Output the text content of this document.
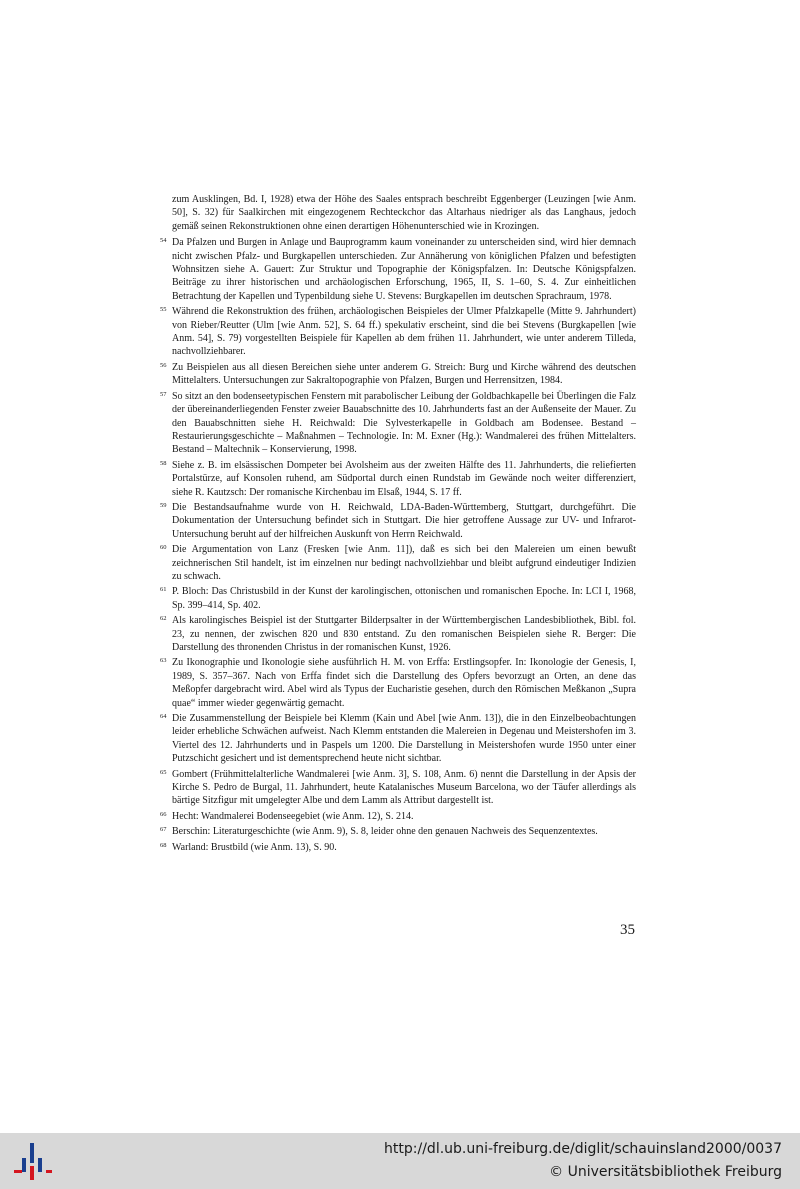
zum Ausklingen, Bd. I, 1928) etwa der Höhe des Saales entsprach beschreibt Eggenberger (Leuzingen [wie Anm. 50], S. 32) für Saalkirchen mit eingezogenem Rechteckchor das Altarhaus niedriger als das Langhaus, jedoch gemäß seinen Rekonstruktionen ohne einen derartigen Höhenunterschied wie in Krozingen.

54 Da Pfalzen und Burgen in Anlage und Bauprogramm kaum voneinander zu unterscheiden sind, wird hier demnach nicht zwischen Pfalz- und Burgkapellen unterschieden. Zur Annäherung von königlichen Pfalzen und befestigten Wohnsitzen siehe A. Gauert: Zur Struktur und Topographie der Königspfalzen. In: Deutsche Königspfalzen. Beiträge zu ihrer historischen und archäologischen Erforschung, 1965, II, S. 1–60, S. 4. Zur einheitlichen Betrachtung der Kapellen und Typenbildung siehe U. Stevens: Burgkapellen im deutschen Sprachraum, 1978.

55 Während die Rekonstruktion des frühen, archäologischen Beispieles der Ulmer Pfalzkapelle (Mitte 9. Jahrhundert) von Rieber/Reutter (Ulm [wie Anm. 52], S. 64 ff.) spekulativ erscheint, sind die bei Stevens (Burgkapellen [wie Anm. 54], S. 79) vorgestellten Beispiele für Kapellen ab dem frühen 11. Jahrhundert, wie unter anderem Tilleda, nachvollziehbarer.

56 Zu Beispielen aus all diesen Bereichen siehe unter anderem G. Streich: Burg und Kirche während des deutschen Mittelalters. Untersuchungen zur Sakraltopographie von Pfalzen, Burgen und Herrensitzen, 1984.

57 So sitzt an den bodenseetypischen Fenstern mit parabolischer Leibung der Goldbachkapelle bei Überlingen die Falz der übereinanderliegenden Fenster zweier Bauabschnitte des 10. Jahrhunderts fast an der Außenseite der Mauer. Zu den Bauabschnitten siehe H. Reichwald: Die Sylvesterkapelle in Goldbach am Bodensee. Bestand – Restaurierungsgeschichte – Maßnahmen – Technologie. In: M. Exner (Hg.): Wandmalerei des frühen Mittelalters. Bestand – Maltechnik – Konservierung, 1998.

58 Siehe z. B. im elsässischen Dompeter bei Avolsheim aus der zweiten Hälfte des 11. Jahrhunderts, die reliefierten Portalstürze, auf Konsolen ruhend, am Südportal durch einen Rundstab im Gewände noch weiter differenziert, siehe R. Kautzsch: Der romanische Kirchenbau im Elsaß, 1944, S. 17 ff.

59 Die Bestandsaufnahme wurde von H. Reichwald, LDA-Baden-Württemberg, Stuttgart, durchgeführt. Die Dokumentation der Untersuchung befindet sich in Stuttgart. Die hier getroffene Aussage zur UV- und Infrarot-Untersuchung beruht auf der hilfreichen Auskunft von Herrn Reichwald.

60 Die Argumentation von Lanz (Fresken [wie Anm. 11]), daß es sich bei den Malereien um einen bewußt zeichnerischen Stil handelt, ist im einzelnen nur bedingt nachvollziehbar und bleibt aufgrund eindeutiger Indizien zu schwach.

61 P. Bloch: Das Christusbild in der Kunst der karolingischen, ottonischen und romanischen Epoche. In: LCI I, 1968, Sp. 399–414, Sp. 402.

62 Als karolingisches Beispiel ist der Stuttgarter Bilderpsalter in der Württembergischen Landesbibliothek, Bibl. fol. 23, zu nennen, der zwischen 820 und 830 entstand. Zu den romanischen Beispielen siehe R. Berger: Die Darstellung des thronenden Christus in der romanischen Kunst, 1926.

63 Zu Ikonographie und Ikonologie siehe ausführlich H. M. von Erffa: Erstlingsopfer. In: Ikonologie der Genesis, I, 1989, S. 357–367. Nach von Erffa findet sich die Darstellung des Opfers bevorzugt an Orten, an dene das Meßopfer dargebracht wird. Abel wird als Typus der Eucharistie gesehen, durch den Römischen Meßkanon „Supra quae“ immer wieder gegenwärtig gemacht.

64 Die Zusammenstellung der Beispiele bei Klemm (Kain und Abel [wie Anm. 13]), die in den Einzelbeobachtungen leider erhebliche Schwächen aufweist. Nach Klemm entstanden die Malereien in Degenau und Meistershofen im 3. Viertel des 12. Jahrhunderts und in Paspels um 1200. Die Darstellung in Meistershofen wurde 1950 unter einer Putzschicht gesichert und ist dementsprechend heute nicht sichtbar.

65 Gombert (Frühmittelalterliche Wandmalerei [wie Anm. 3], S. 108, Anm. 6) nennt die Darstellung in der Apsis der Kirche S. Pedro de Burgal, 11. Jahrhundert, heute Katalanisches Museum Barcelona, wo der Täufer allerdings als bärtige Sitzfigur mit umgelegter Albe und dem Lamm als Attribut dargestellt ist.

66 Hecht: Wandmalerei Bodenseegebiet (wie Anm. 12), S. 214.

67 Berschin: Literaturgeschichte (wie Anm. 9), S. 8, leider ohne den genauen Nachweis des Sequenzentextes.

68 Warland: Brustbild (wie Anm. 13), S. 90.

35
http://dl.ub.uni-freiburg.de/diglit/schauinsland2000/0037
© Universitätsbibliothek Freiburg
